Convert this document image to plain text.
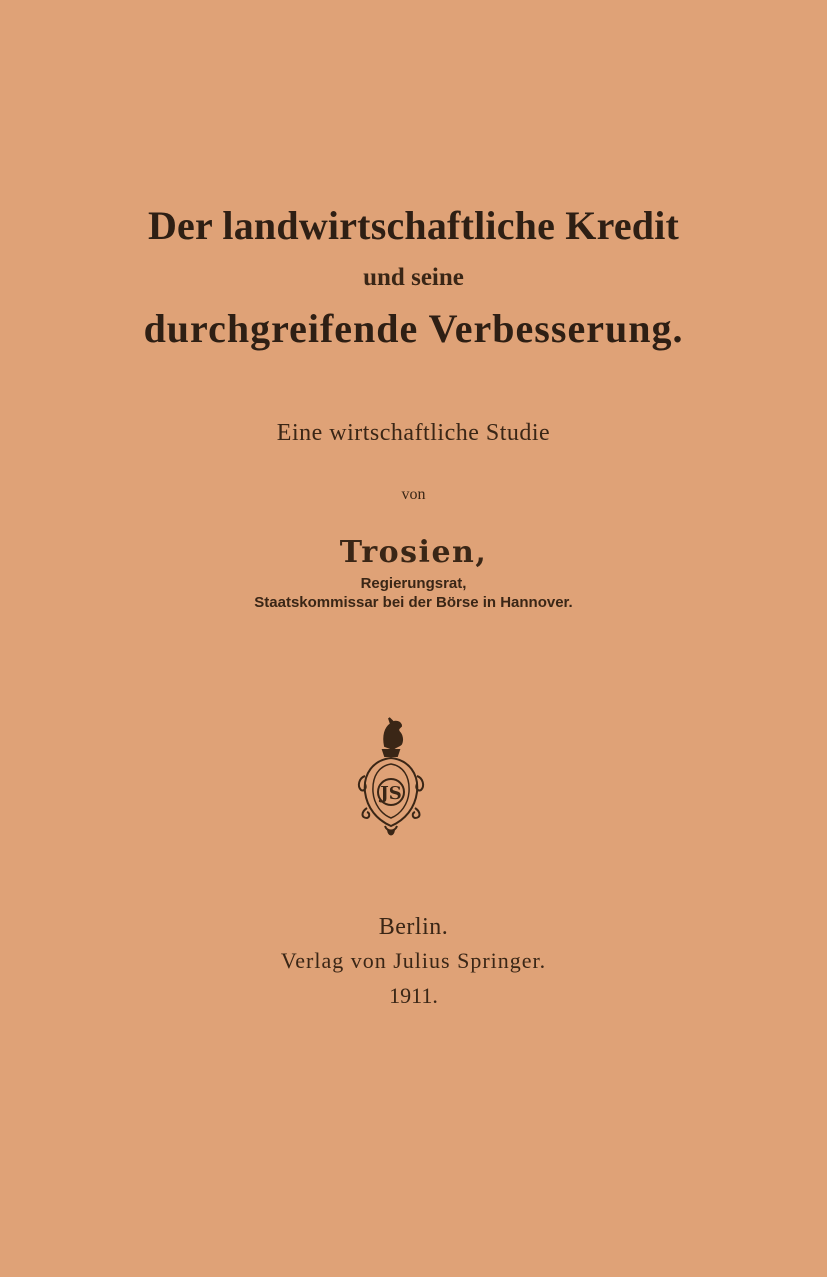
Der landwirtschaftliche Kredit
und seine
durchgreifende Verbesserung.
Eine wirtschaftliche Studie
von
Trosien,
Regierungsrat,
Staatskommissar bei der Börse in Hannover.
JS
Berlin.
Verlag von Julius Springer.
1911.
